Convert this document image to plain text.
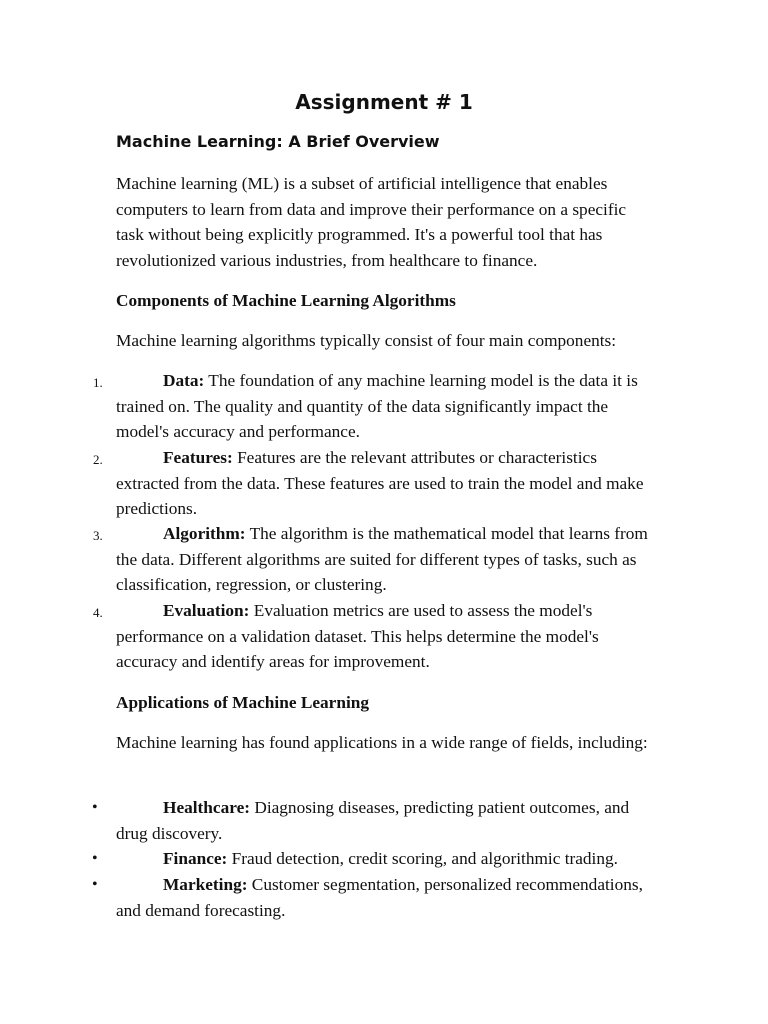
Assignment # 1
Machine Learning: A Brief Overview

Machine learning (ML) is a subset of artificial intelligence that enables computers to learn from data and improve their performance on a specific task without being explicitly programmed. It's a powerful tool that has revolutionized various industries, from healthcare to finance.

Components of Machine Learning Algorithms

Machine learning algorithms typically consist of four main components:

1.	Data: The foundation of any machine learning model is the data it is trained on. The quality and quantity of the data significantly impact the model's accuracy and performance.

2.	Features: Features are the relevant attributes or characteristics extracted from the data. These features are used to train the model and make predictions.

3.	Algorithm: The algorithm is the mathematical model that learns from the data. Different algorithms are suited for different types of tasks, such as classification, regression, or clustering.

4.	Evaluation: Evaluation metrics are used to assess the model's performance on a validation dataset. This helps determine the model's accuracy and identify areas for improvement.

Applications of Machine Learning

Machine learning has found applications in a wide range of fields, including:

•	Healthcare: Diagnosing diseases, predicting patient outcomes, and drug discovery.

•	Finance: Fraud detection, credit scoring, and algorithmic trading.

•	Marketing: Customer segmentation, personalized recommendations, and demand forecasting.
